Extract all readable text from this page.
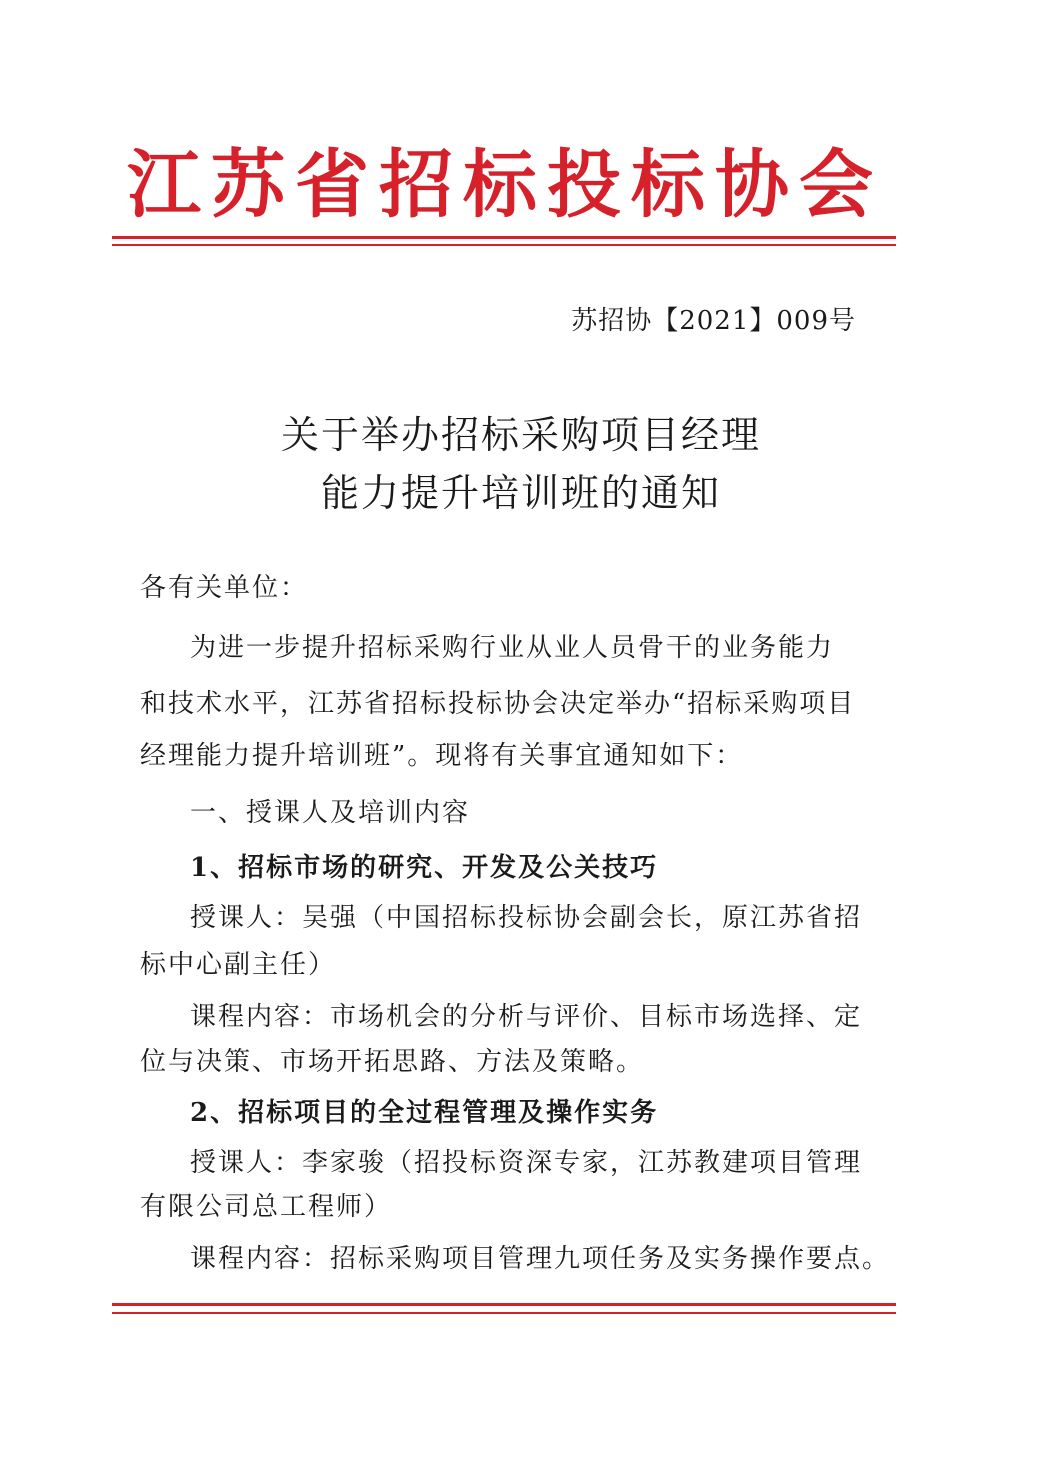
江苏省招标投标协会
苏招协【2021】009号
关于举办招标采购项目经理
能力提升培训班的通知
各有关单位：
为进一步提升招标采购行业从业人员骨干的业务能力
和技术水平，江苏省招标投标协会决定举办“招标采购项目
经理能力提升培训班”。现将有关事宜通知如下：
一、授课人及培训内容
1、招标市场的研究、开发及公关技巧
授课人：吴强（中国招标投标协会副会长，原江苏省招
标中心副主任）
课程内容：市场机会的分析与评价、目标市场选择、定
位与决策、市场开拓思路、方法及策略。
2、招标项目的全过程管理及操作实务
授课人：李家骏（招投标资深专家，江苏教建项目管理
有限公司总工程师）
课程内容：招标采购项目管理九项任务及实务操作要点。
